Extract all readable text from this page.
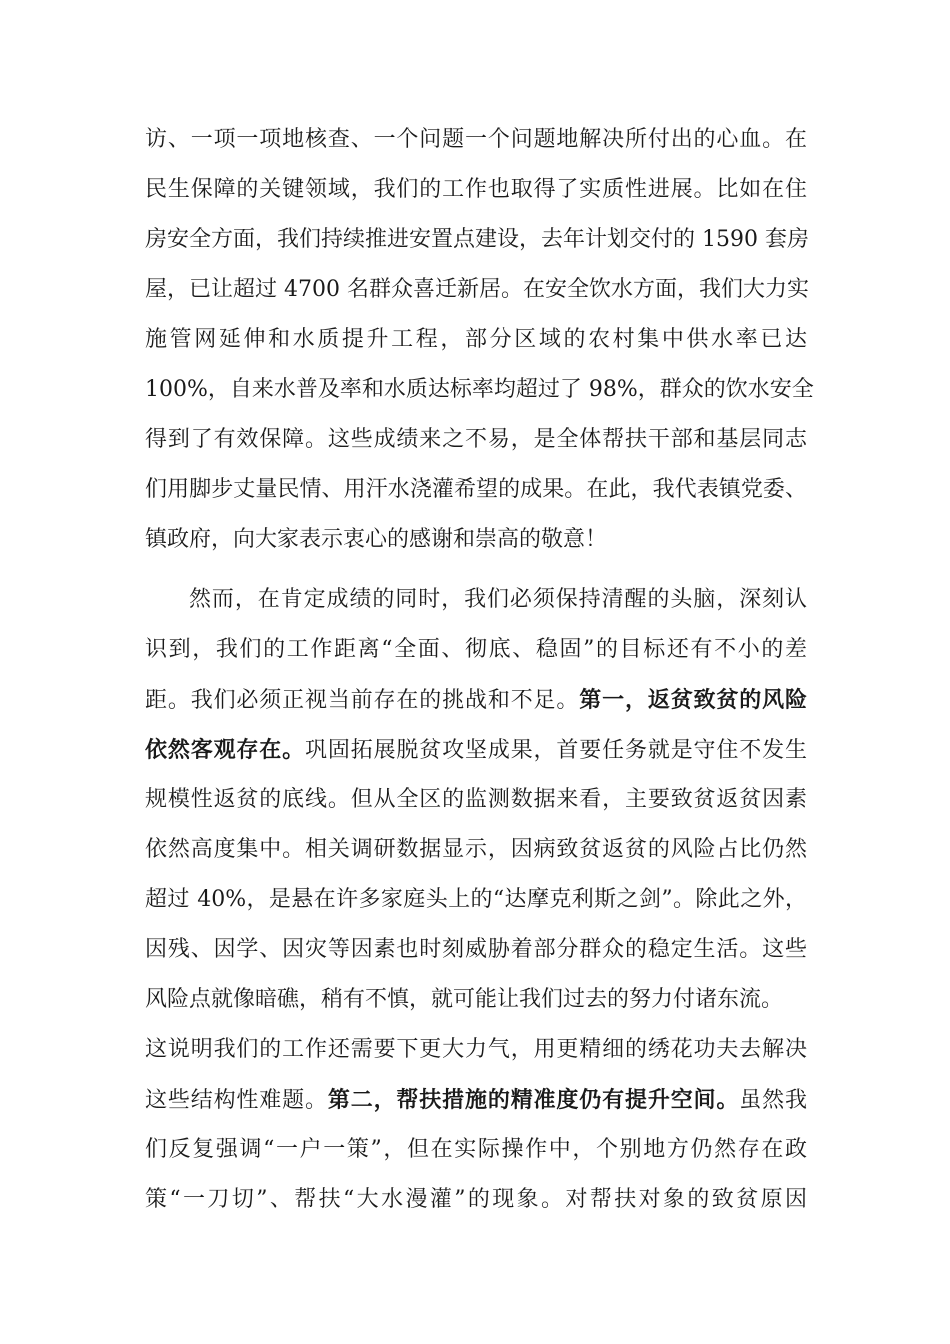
访、一项一项地核查、一个问题一个问题地解决所付出的心血。在
民生保障的关键领域，我们的工作也取得了实质性进展。比如在住
房安全方面，我们持续推进安置点建设，去年计划交付的 1590 套房
屋，已让超过 4700 名群众喜迁新居。在安全饮水方面，我们大力实
施管网延伸和水质提升工程，部分区域的农村集中供水率已达
100%，自来水普及率和水质达标率均超过了 98%，群众的饮水安全
得到了有效保障。这些成绩来之不易，是全体帮扶干部和基层同志
们用脚步丈量民情、用汗水浇灌希望的成果。在此，我代表镇党委、
镇政府，向大家表示衷心的感谢和崇高的敬意！
然而，在肯定成绩的同时，我们必须保持清醒的头脑，深刻认
识到，我们的工作距离“全面、彻底、稳固”的目标还有不小的差
距。我们必须正视当前存在的挑战和不足。第一，返贫致贫的风险
依然客观存在。巩固拓展脱贫攻坚成果，首要任务就是守住不发生
规模性返贫的底线。但从全区的监测数据来看，主要致贫返贫因素
依然高度集中。相关调研数据显示，因病致贫返贫的风险占比仍然
超过 40%，是悬在许多家庭头上的“达摩克利斯之剑”。除此之外，
因残、因学、因灾等因素也时刻威胁着部分群众的稳定生活。这些
风险点就像暗礁，稍有不慎，就可能让我们过去的努力付诸东流。
这说明我们的工作还需要下更大力气，用更精细的绣花功夫去解决
这些结构性难题。第二，帮扶措施的精准度仍有提升空间。虽然我
们反复强调“一户一策”，但在实际操作中，个别地方仍然存在政
策“一刀切”、帮扶“大水漫灌”的现象。对帮扶对象的致贫原因
